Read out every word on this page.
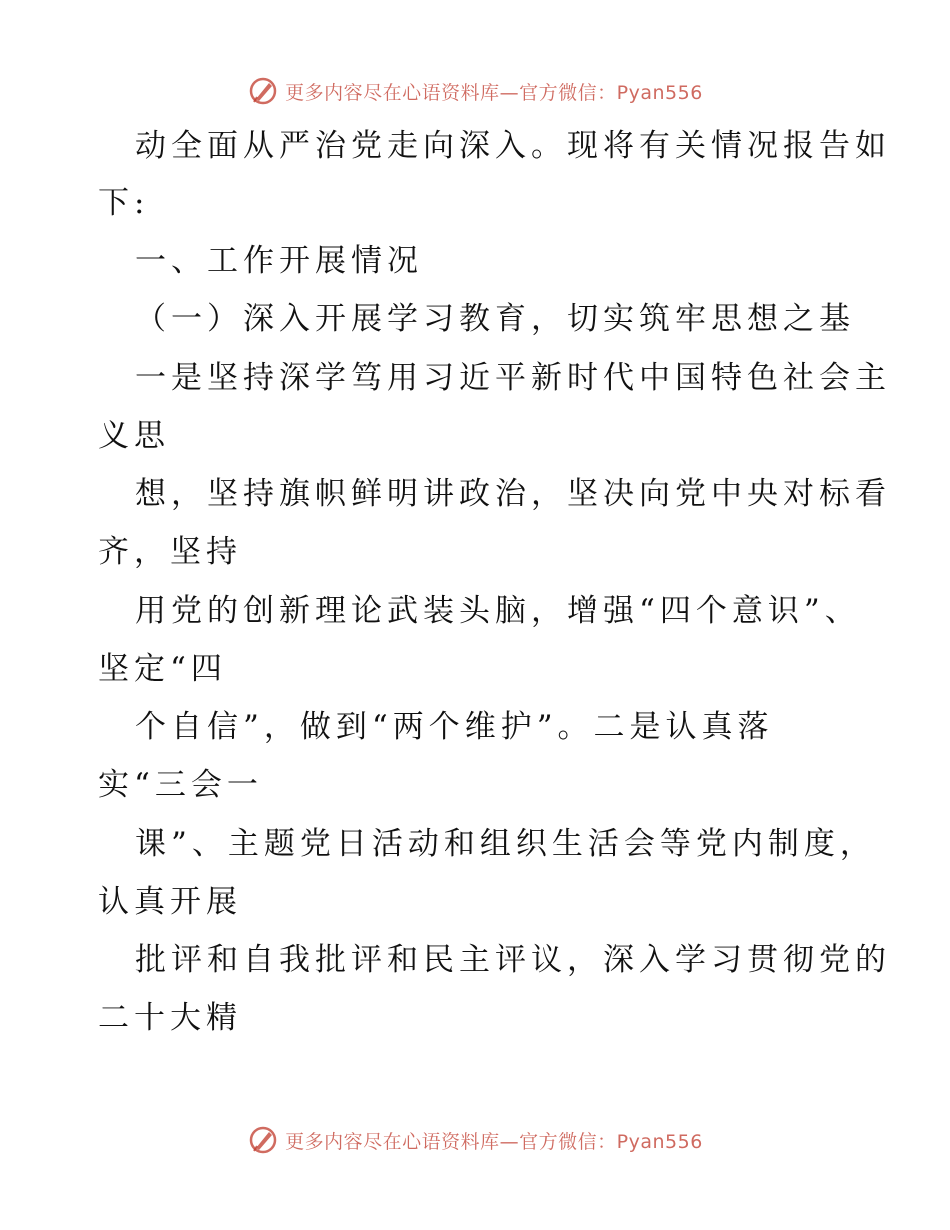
更多内容尽在心语资料库—官方微信：Pyan556
动全面从严治党走向深入。现将有关情况报告如
下:
一、工作开展情况
（一）深入开展学习教育，切实筑牢思想之基
一是坚持深学笃用习近平新时代中国特色社会主
义思
想，坚持旗帜鲜明讲政治，坚决向党中央对标看
齐，坚持
用党的创新理论武装头脑，增强“四个意识”、
坚定“四
个自信”，做到“两个维护”。二是认真落
实“三会一
课”、主题党日活动和组织生活会等党内制度，
认真开展
批评和自我批评和民主评议，深入学习贯彻党的
二十大精
更多内容尽在心语资料库—官方微信：Pyan556
